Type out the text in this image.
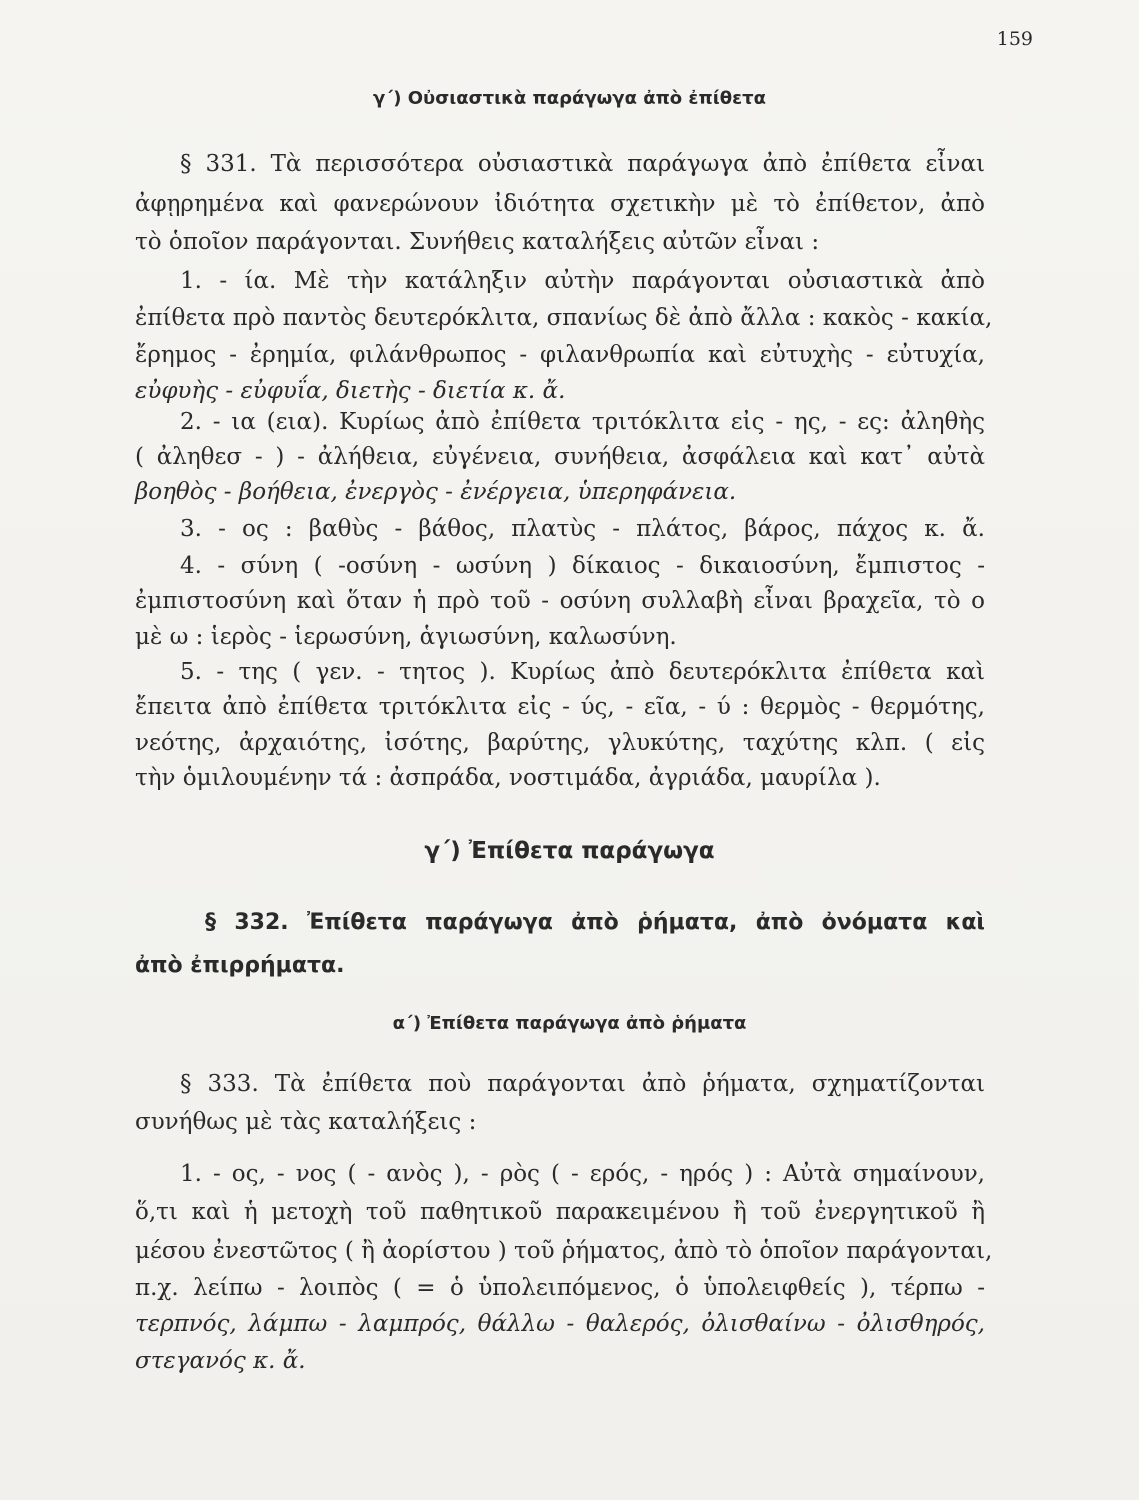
159
γ΄) Οὐσιαστικὰ παράγωγα ἀπὸ ἐπίθετα
§ 331. Τὰ περισσότερα οὐσιαστικὰ παράγωγα ἀπὸ ἐπίθετα εἶναι
ἀφῃρημένα καὶ φανερώνουν ἰδιότητα σχετικὴν μὲ τὸ ἐπίθετον, ἀπὸ
τὸ ὁποῖον παράγονται. Συνήθεις καταλήξεις αὐτῶν εἶναι :
1. - ία. Μὲ τὴν κατάληξιν αὐτὴν παράγονται οὐσιαστικὰ ἀπὸ
ἐπίθετα πρὸ παντὸς δευτερόκλιτα, σπανίως δὲ ἀπὸ ἄλλα : κακὸς - κακία,
ἔρημος - ἐρημία, φιλάνθρωπος - φιλανθρωπία καὶ εὐτυχὴς - εὐτυχία,
εὐφυὴς - εὐφυΐα, διετὴς - διετία κ. ἄ.
2. - ια (εια). Κυρίως ἀπὸ ἐπίθετα τριτόκλιτα εἰς - ης, - ες: ἀληθὴς
( ἀληθεσ - ) - ἀλήθεια, εὐγένεια, συνήθεια, ἀσφάλεια καὶ κατ᾿ αὐτὰ
βοηθὸς - βοήθεια, ἐνεργὸς - ἐνέργεια, ὑπερηφάνεια.
3. - ος : βαθὺς - βάθος, πλατὺς - πλάτος, βάρος, πάχος κ. ἄ.
4. - σύνη ( -οσύνη - ωσύνη ) δίκαιος - δικαιοσύνη, ἔμπιστος -
ἐμπιστοσύνη καὶ ὅταν ἡ πρὸ τοῦ - οσύνη συλλαβὴ εἶναι βραχεῖα, τὸ ο
μὲ ω : ἱερὸς - ἱερωσύνη, ἁγιωσύνη, καλωσύνη.
5. - της ( γεν. - τητος ). Κυρίως ἀπὸ δευτερόκλιτα ἐπίθετα καὶ
ἔπειτα ἀπὸ ἐπίθετα τριτόκλιτα εἰς - ύς, - εῖα, - ύ : θερμὸς - θερμότης,
νεότης, ἀρχαιότης, ἰσότης, βαρύτης, γλυκύτης, ταχύτης κλπ. ( εἰς
τὴν ὁμιλουμένην τά : ἀσπράδα, νοστιμάδα, ἀγριάδα, μαυρίλα ).
γ΄) Ἐπίθετα παράγωγα
§ 332. Ἐπίθετα παράγωγα ἀπὸ ῥήματα, ἀπὸ ὀνόματα καὶ
ἀπὸ ἐπιρρήματα.
α΄) Ἐπίθετα παράγωγα ἀπὸ ῥήματα
§ 333. Τὰ ἐπίθετα ποὺ παράγονται ἀπὸ ῥήματα, σχηματίζονται
συνήθως μὲ τὰς καταλήξεις :
1. - ος, - νος ( - ανὸς ), - ρὸς ( - ερός, - ηρός ) : Αὐτὰ σημαίνουν,
ὅ,τι καὶ ἡ μετοχὴ τοῦ παθητικοῦ παρακειμένου ἢ τοῦ ἐνεργητικοῦ ἢ
μέσου ἐνεστῶτος ( ἢ ἀορίστου ) τοῦ ῥήματος, ἀπὸ τὸ ὁποῖον παράγονται,
π.χ. λείπω - λοιπὸς ( = ὁ ὑπολειπόμενος, ὁ ὑπολειφθείς ), τέρπω -
τερπνός, λάμπω - λαμπρός, θάλλω - θαλερός, ὀλισθαίνω - ὀλισθηρός,
στεγανός κ. ἄ.
